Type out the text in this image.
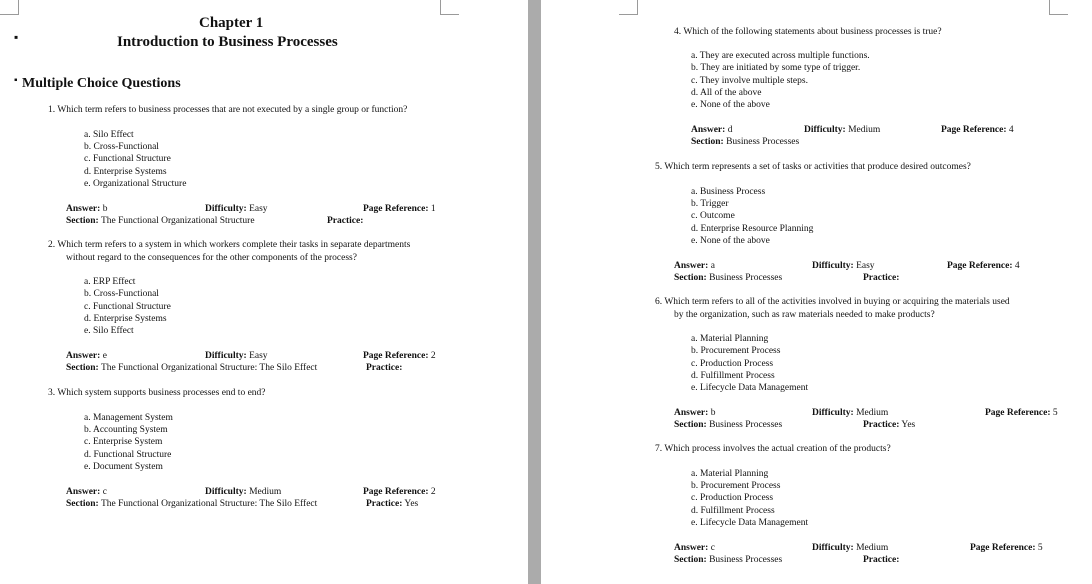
Chapter 1
▪	Introduction to Business Processes
▪ Multiple Choice Questions
1. Which term refers to business processes that are not executed by a single group or function?
a. Silo Effect
b. Cross-Functional
c. Functional Structure
d. Enterprise Systems
e. Organizational Structure
Answer: b	Difficulty: Easy	Page Reference: 1
Section: The Functional Organizational Structure	Practice:
2. Which term refers to a system in which workers complete their tasks in separate departments
without regard to the consequences for the other components of the process?
a. ERP Effect
b. Cross-Functional
c. Functional Structure
d. Enterprise Systems
e. Silo Effect
Answer: e	Difficulty: Easy	Page Reference: 2
Section: The Functional Organizational Structure: The Silo Effect	Practice:
3. Which system supports business processes end to end?
a. Management System
b. Accounting System
c. Enterprise System
d. Functional Structure
e. Document System
Answer: c	Difficulty: Medium	Page Reference: 2
Section: The Functional Organizational Structure: The Silo Effect	Practice: Yes
4. Which of the following statements about business processes is true?
a. They are executed across multiple functions.
b. They are initiated by some type of trigger.
c. They involve multiple steps.
d. All of the above
e. None of the above
Answer: d	Difficulty: Medium	Page Reference: 4
Section: Business Processes
5. Which term represents a set of tasks or activities that produce desired outcomes?
a. Business Process
b. Trigger
c. Outcome
d. Enterprise Resource Planning
e. None of the above
Answer: a	Difficulty: Easy	Page Reference: 4
Section: Business Processes	Practice:
6. Which term refers to all of the activities involved in buying or acquiring the materials used
by the organization, such as raw materials needed to make products?
a. Material Planning
b. Procurement Process
c. Production Process
d. Fulfillment Process
e. Lifecycle Data Management
Answer: b	Difficulty: Medium	Page Reference: 5
Section: Business Processes	Practice: Yes
7. Which process involves the actual creation of the products?
a. Material Planning
b. Procurement Process
c. Production Process
d. Fulfillment Process
e. Lifecycle Data Management
Answer: c	Difficulty: Medium	Page Reference: 5
Section: Business Processes	Practice:
